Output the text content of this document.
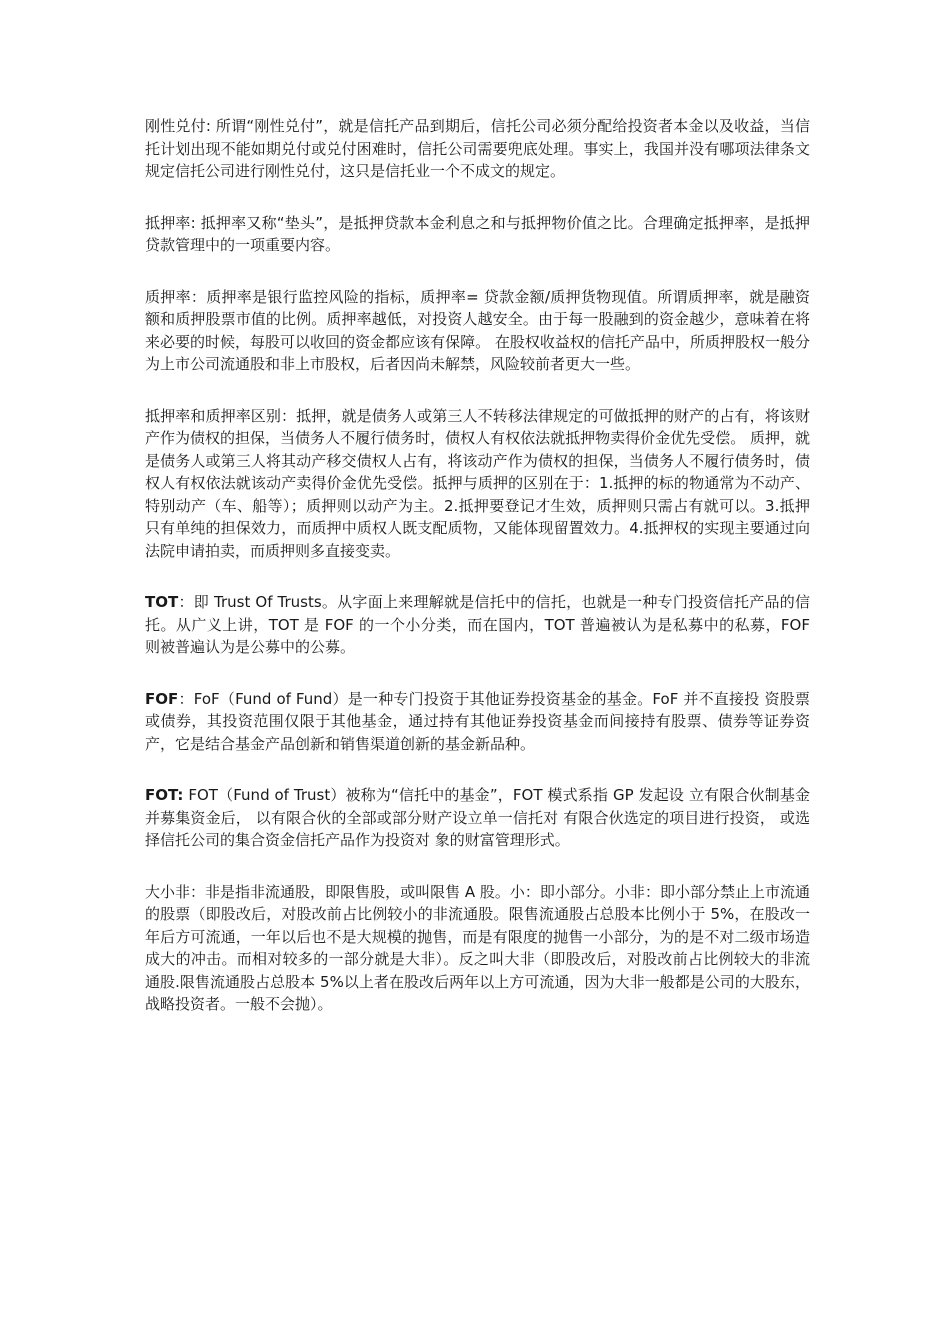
刚性兑付: 所谓“刚性兑付”，就是信托产品到期后，信托公司必须分配给投资者本金以及收益，当信托计划出现不能如期兑付或兑付困难时，信托公司需要兜底处理。事实上，我国并没有哪项法律条文规定信托公司进行刚性兑付，这只是信托业一个不成文的规定。

抵押率: 抵押率又称“垫头”，是抵押贷款本金利息之和与抵押物价值之比。合理确定抵押率，是抵押贷款管理中的一项重要内容。

质押率：质押率是银行监控风险的指标，质押率= 贷款金额/质押货物现值。所谓质押率，就是融资额和质押股票市值的比例。质押率越低，对投资人越安全。由于每一股融到的资金越少，意味着在将来必要的时候，每股可以收回的资金都应该有保障。 在股权收益权的信托产品中，所质押股权一般分为上市公司流通股和非上市股权，后者因尚未解禁，风险较前者更大一些。

抵押率和质押率区别：抵押，就是债务人或第三人不转移法律规定的可做抵押的财产的占有，将该财产作为债权的担保，当债务人不履行债务时，债权人有权依法就抵押物卖得价金优先受偿。 质押，就是债务人或第三人将其动产移交债权人占有，将该动产作为债权的担保，当债务人不履行债务时，债权人有权依法就该动产卖得价金优先受偿。抵押与质押的区别在于：1.抵押的标的物通常为不动产、特别动产（车、船等）；质押则以动产为主。2.抵押要登记才生效，质押则只需占有就可以。3.抵押只有单纯的担保效力，而质押中质权人既支配质物，又能体现留置效力。4.抵押权的实现主要通过向法院申请拍卖，而质押则多直接变卖。

TOT：即 Trust Of Trusts。从字面上来理解就是信托中的信托，也就是一种专门投资信托产品的信托。从广义上讲，TOT 是 FOF 的一个小分类，而在国内，TOT 普遍被认为是私募中的私募，FOF 则被普遍认为是公募中的公募。

FOF：FoF（Fund of Fund）是一种专门投资于其他证券投资基金的基金。FoF 并不直接投 资股票或债券，其投资范围仅限于其他基金，通过持有其他证券投资基金而间接持有股票、债券等证券资产，它是结合基金产品创新和销售渠道创新的基金新品种。

FOT: FOT（Fund of Trust）被称为“信托中的基金”，FOT 模式系指 GP 发起设 立有限合伙制基金并募集资金后， 以有限合伙的全部或部分财产设立单一信托对 有限合伙选定的项目进行投资， 或选择信托公司的集合资金信托产品作为投资对 象的财富管理形式。

大小非：非是指非流通股，即限售股，或叫限售 A 股。小：即小部分。小非：即小部分禁止上市流通的股票（即股改后，对股改前占比例较小的非流通股。限售流通股占总股本比例小于 5%，在股改一年后方可流通，一年以后也不是大规模的抛售，而是有限度的抛售一小部分，为的是不对二级市场造成大的冲击。而相对较多的一部分就是大非）。反之叫大非（即股改后，对股改前占比例较大的非流通股.限售流通股占总股本 5%以上者在股改后两年以上方可流通，因为大非一般都是公司的大股东，战略投资者。一般不会抛）。
